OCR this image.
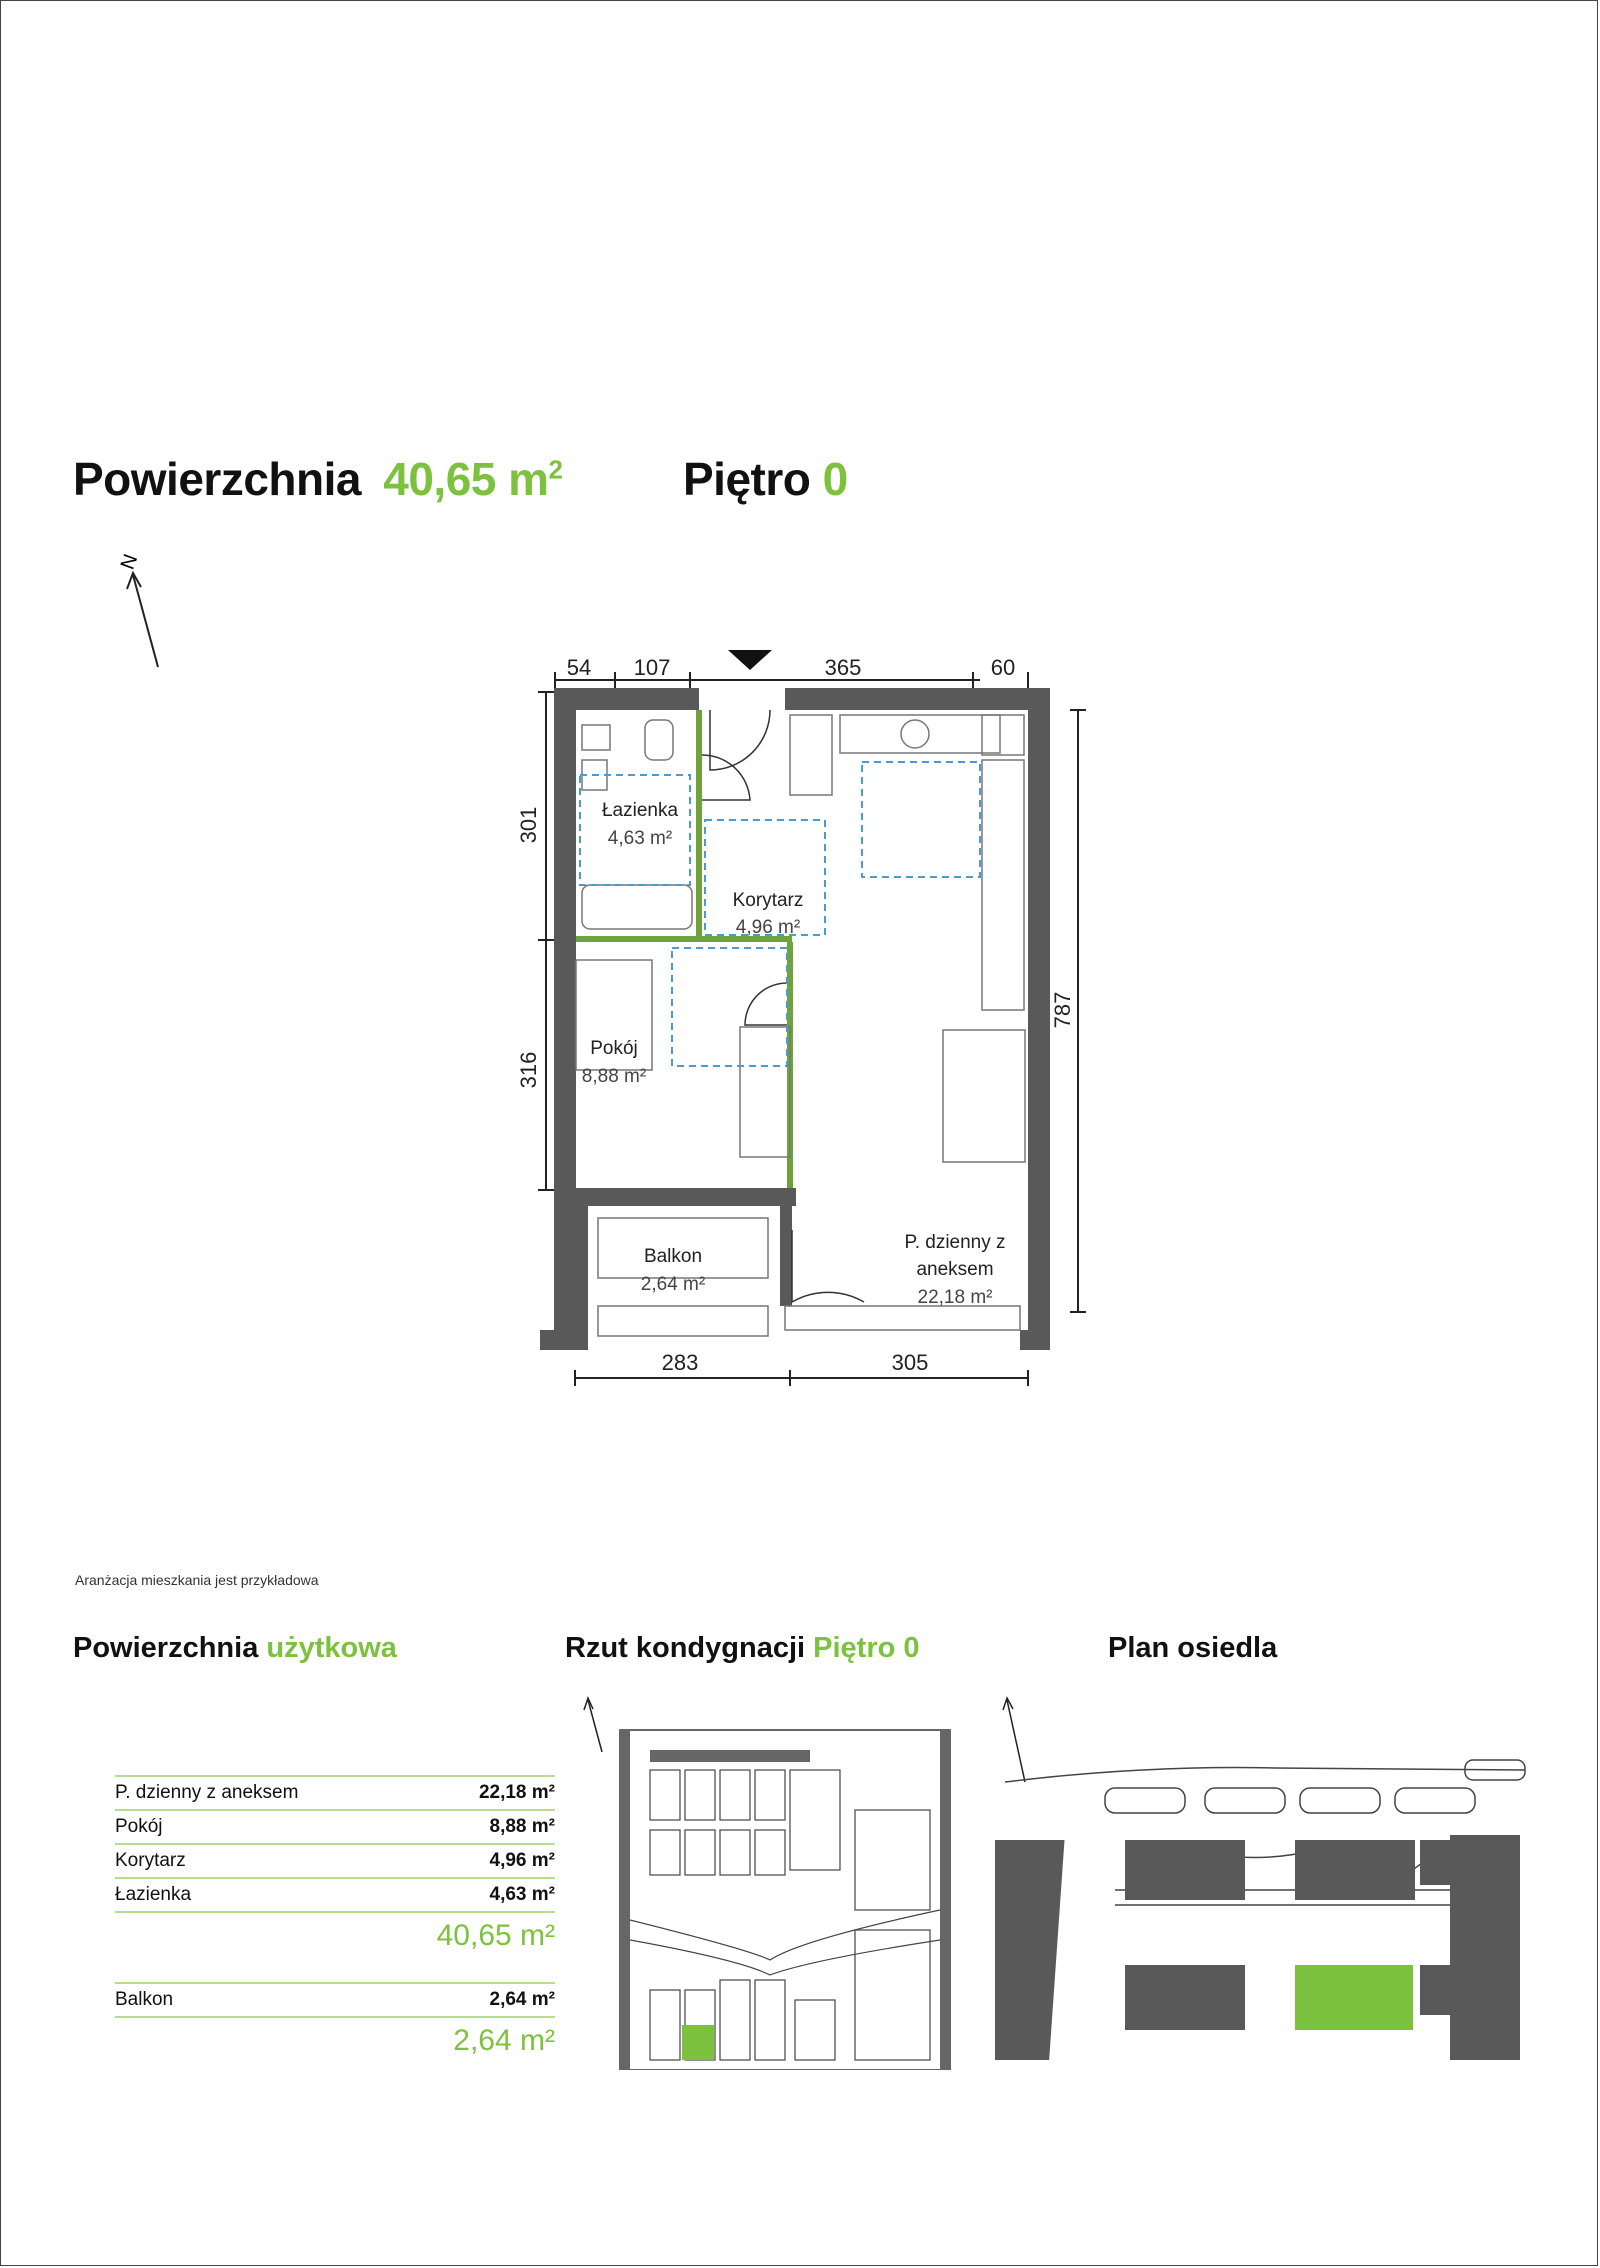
Powierzchnia 40,65 $m^2$	Piętro 0
N
54 107	365	60
283	305
301
316
787
Łazienka
4,63 m²
Korytarz
4,96 m²
Pokój
8,88 m²
Balkon
2,64 m²
P. dzienny z
aneksem
22,18 m²
Aranżacja mieszkania jest przykładowa
Powierzchnia użytkowa	Rzut kondygnacji Piętro 0	Plan osiedla
P. dzienny z aneksem	22,18 m²
Pokój	8,88 m²
Korytarz	4,96 m²
Łazienka	4,63 m²
40,65 m²
Balkon	2,64 m²
2,64 m²
